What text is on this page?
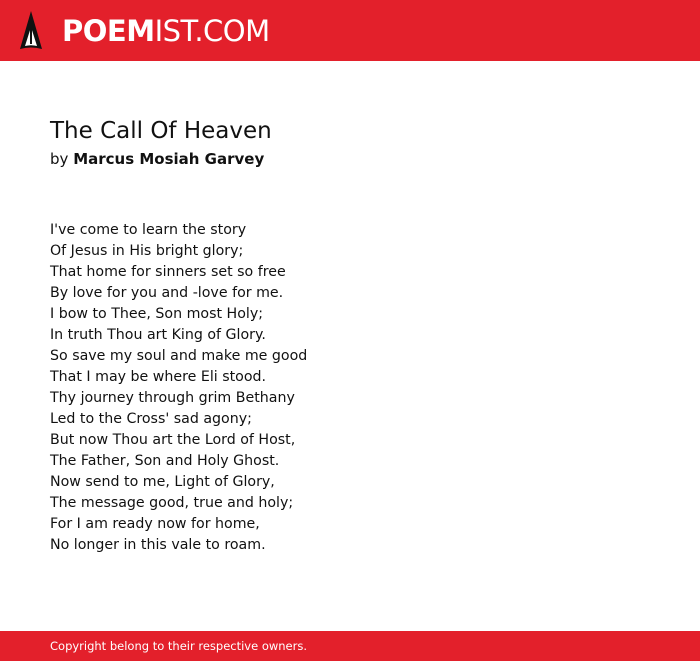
POEM IST.COM
The Call Of Heaven
by Marcus Mosiah Garvey
I've come to learn the story
Of Jesus in His bright glory;
That home for sinners set so free
By love for you and -love for me.
I bow to Thee, Son most Holy;
In truth Thou art King of Glory.
So save my soul and make me good
That I may be where Eli stood.
Thy journey through grim Bethany
Led to the Cross' sad agony;
But now Thou art the Lord of Host,
The Father, Son and Holy Ghost.
Now send to me, Light of Glory,
The message good, true and holy;
For I am ready now for home,
No longer in this vale to roam.
Copyright belong to their respective owners.
